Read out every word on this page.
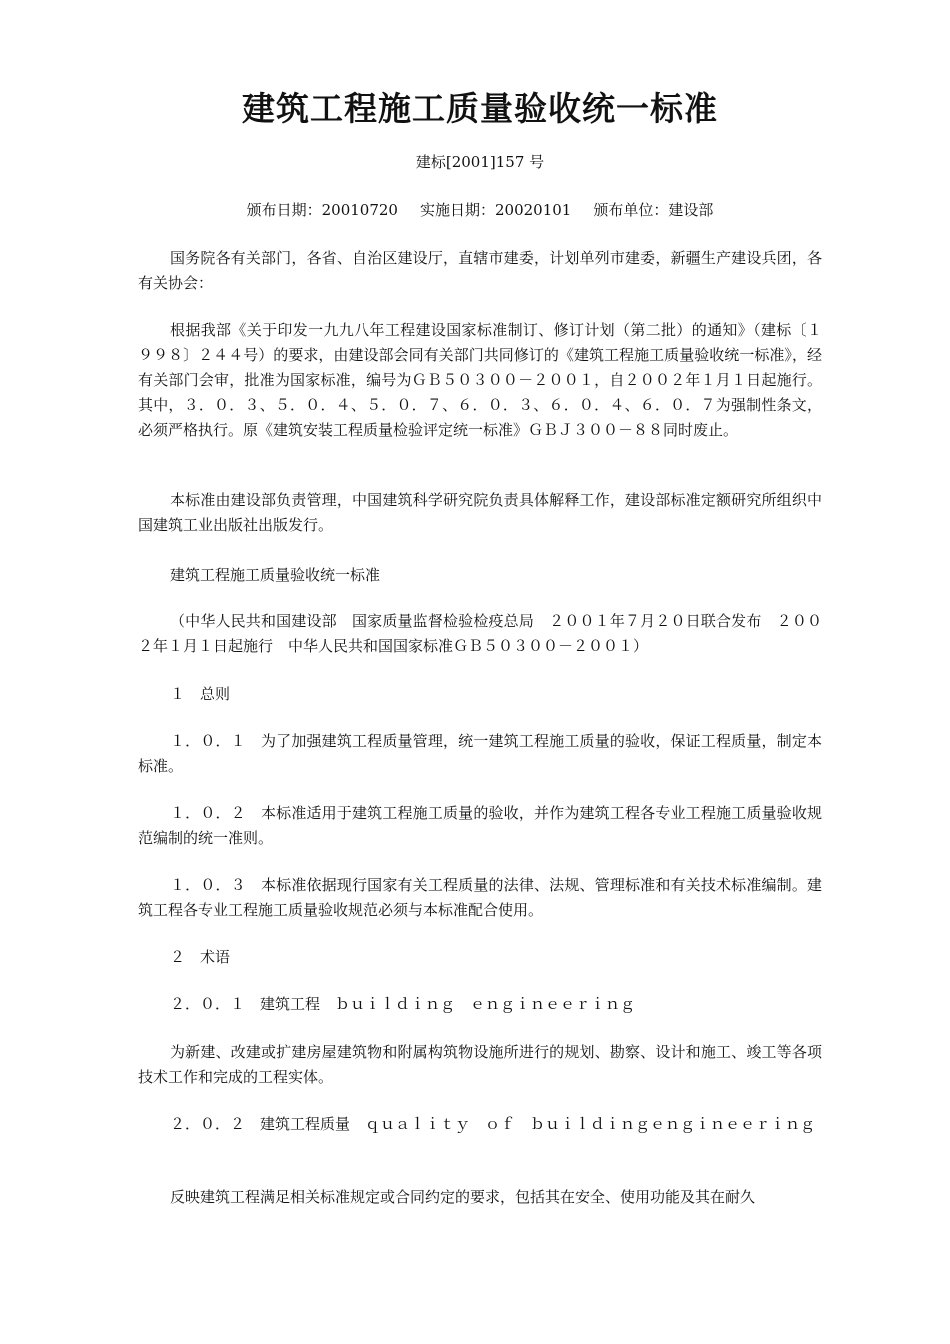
建筑工程施工质量验收统一标准

建标[2001]157 号

颁布日期：20010720 实施日期：20020101 颁布单位：建设部

国务院各有关部门，各省、自治区建设厅，直辖市建委，计划单列市建委，新疆生产建设兵团，各有关协会：

根据我部《关于印发一九九八年工程建设国家标准制订、修订计划（第二批）的通知》（建标〔１９９８〕２４４号）的要求，由建设部会同有关部门共同修订的《建筑工程施工质量验收统一标准》，经有关部门会审，批准为国家标准，编号为ＧＢ５０３００－２００１，自２００２年１月１日起施行。其中，３．０．３、５．０．４、５．０．７、６．０．３、６．０．４、６．０．７为强制性条文，必须严格执行。原《建筑安装工程质量检验评定统一标准》ＧＢＪ３００－８８同时废止。

本标准由建设部负责管理，中国建筑科学研究院负责具体解释工作，建设部标准定额研究所组织中国建筑工业出版社出版发行。

建筑工程施工质量验收统一标准

（中华人民共和国建设部　国家质量监督检验检疫总局　２００１年７月２０日联合发布　２００２年１月１日起施行　中华人民共和国国家标准ＧＢ５０３００－２００１）

１　总则

１．０．１　为了加强建筑工程质量管理，统一建筑工程施工质量的验收，保证工程质量，制定本标准。

１．０．２　本标准适用于建筑工程施工质量的验收，并作为建筑工程各专业工程施工质量验收规范编制的统一准则。

１．０．３　本标准依据现行国家有关工程质量的法律、法规、管理标准和有关技术标准编制。建筑工程各专业工程施工质量验收规范必须与本标准配合使用。

２　术语

２．０．１　建筑工程　ｂｕｉｌｄｉｎｇ　ｅｎｇｉｎｅｅｒｉｎｇ

为新建、改建或扩建房屋建筑物和附属构筑物设施所进行的规划、勘察、设计和施工、竣工等各项技术工作和完成的工程实体。

２．０．２　建筑工程质量　ｑｕａｌｉｔｙ　ｏｆ　ｂｕｉｌｄｉｎｇｅｎｇｉｎｅｅｒｉｎｇ

反映建筑工程满足相关标准规定或合同约定的要求，包括其在安全、使用功能及其在耐久
